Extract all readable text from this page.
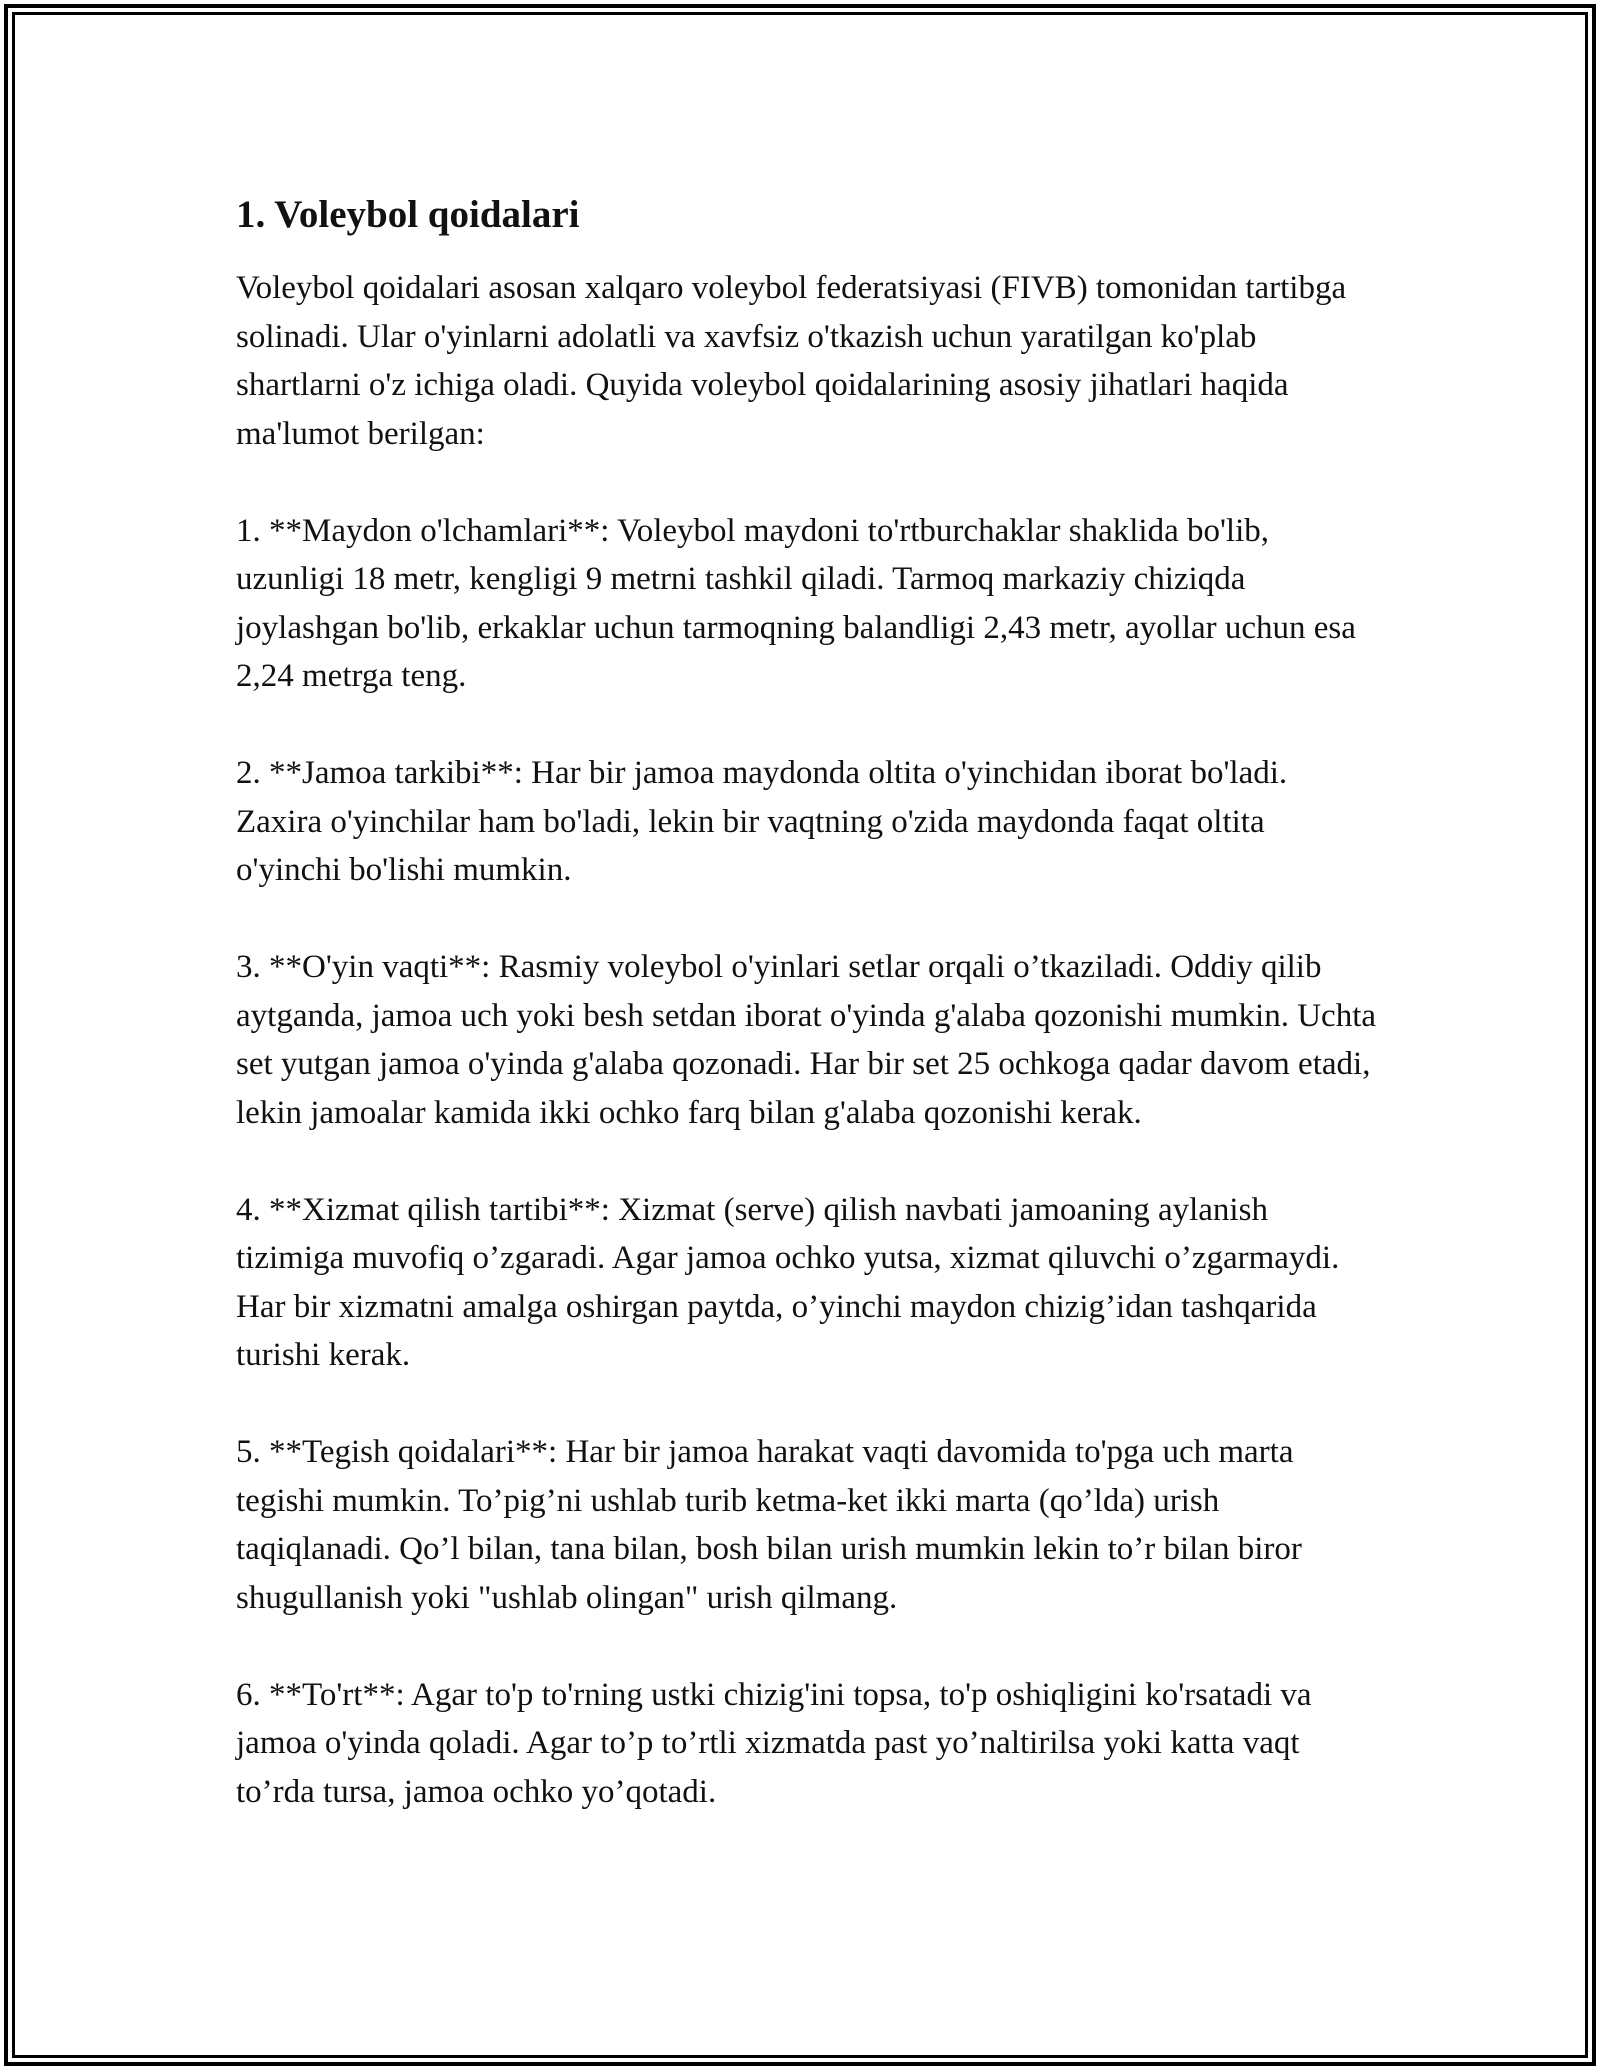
1. Voleybol qoidalari

Voleybol qoidalari asosan xalqaro voleybol federatsiyasi (FIVB) tomonidan tartibga solinadi. Ular o'yinlarni adolatli va xavfsiz o'tkazish uchun yaratilgan ko'plab shartlarni o'z ichiga oladi. Quyida voleybol qoidalarining asosiy jihatlari haqida ma'lumot berilgan:

1. **Maydon o'lchamlari**: Voleybol maydoni to'rtburchaklar shaklida bo'lib, uzunligi 18 metr, kengligi 9 metrni tashkil qiladi. Tarmoq markaziy chiziqda joylashgan bo'lib, erkaklar uchun tarmoqning balandligi 2,43 metr, ayollar uchun esa 2,24 metrga teng.

2. **Jamoa tarkibi**: Har bir jamoa maydonda oltita o'yinchidan iborat bo'ladi. Zaxira o'yinchilar ham bo'ladi, lekin bir vaqtning o'zida maydonda faqat oltita o'yinchi bo'lishi mumkin.

3. **O'yin vaqti**: Rasmiy voleybol o'yinlari setlar orqali o’tkaziladi. Oddiy qilib aytganda, jamoa uch yoki besh setdan iborat o'yinda g'alaba qozonishi mumkin. Uchta set yutgan jamoa o'yinda g'alaba qozonadi. Har bir set 25 ochkoga qadar davom etadi, lekin jamoalar kamida ikki ochko farq bilan g'alaba qozonishi kerak.

4. **Xizmat qilish tartibi**: Xizmat (serve) qilish navbati jamoaning aylanish tizimiga muvofiq o’zgaradi. Agar jamoa ochko yutsa, xizmat qiluvchi o’zgarmaydi. Har bir xizmatni amalga oshirgan paytda, o’yinchi maydon chizig’idan tashqarida turishi kerak.

5. **Tegish qoidalari**: Har bir jamoa harakat vaqti davomida to'pga uch marta tegishi mumkin. To’pig’ni ushlab turib ketma-ket ikki marta (qo’lda) urish taqiqlanadi. Qo’l bilan, tana bilan, bosh bilan urish mumkin lekin to’r bilan biror shugullanish yoki "ushlab olingan" urish qilmang.

6. **To'rt**: Agar to'p to'rning ustki chizig'ini topsa, to'p oshiqligini ko'rsatadi va jamoa o'yinda qoladi. Agar to’p to’rtli xizmatda past yo’naltirilsa yoki katta vaqt to’rda tursa, jamoa ochko yo’qotadi.
